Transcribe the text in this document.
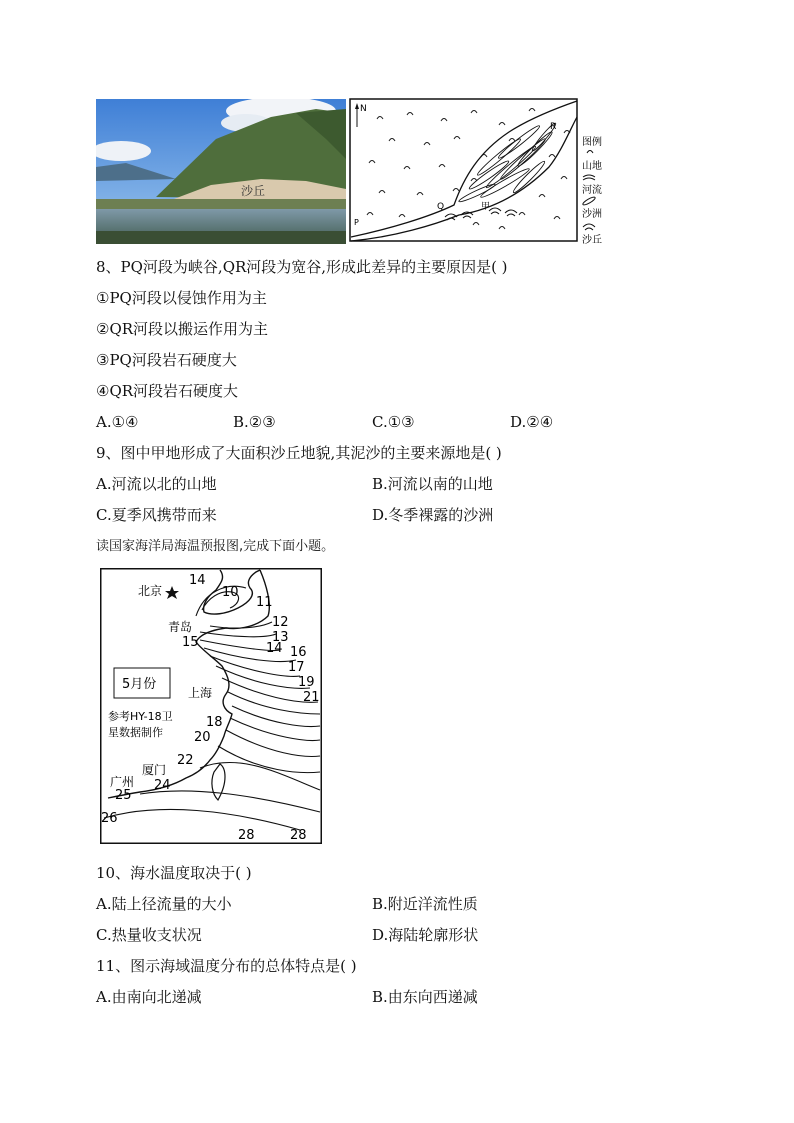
沙丘
N
P
Q
R
甲
图例
山地
河流
沙洲
沙丘
8、PQ河段为峡谷,QR河段为宽谷,形成此差异的主要原因是( )
①PQ河段以侵蚀作用为主
②QR河段以搬运作用为主
③PQ河段岩石硬度大
④QR河段岩石硬度大
A.①④	B.②③	C.①③	D.②④
9、图中甲地形成了大面积沙丘地貌,其泥沙的主要来源地是( )
A.河流以北的山地	B.河流以南的山地
C.夏季风携带而来	D.冬季裸露的沙洲
读国家海洋局海温预报图,完成下面小题。
北京
青岛
上海
厦门
广州
5月份
参考HY-18卫
星数据制作
14
10
11
12
13
14
15
16
17
19
21
18
20
22
24
25
26
28	28
10、海水温度取决于( )
A.陆上径流量的大小	B.附近洋流性质
C.热量收支状况	D.海陆轮廓形状
11、图示海域温度分布的总体特点是( )
A.由南向北递减	B.由东向西递减
